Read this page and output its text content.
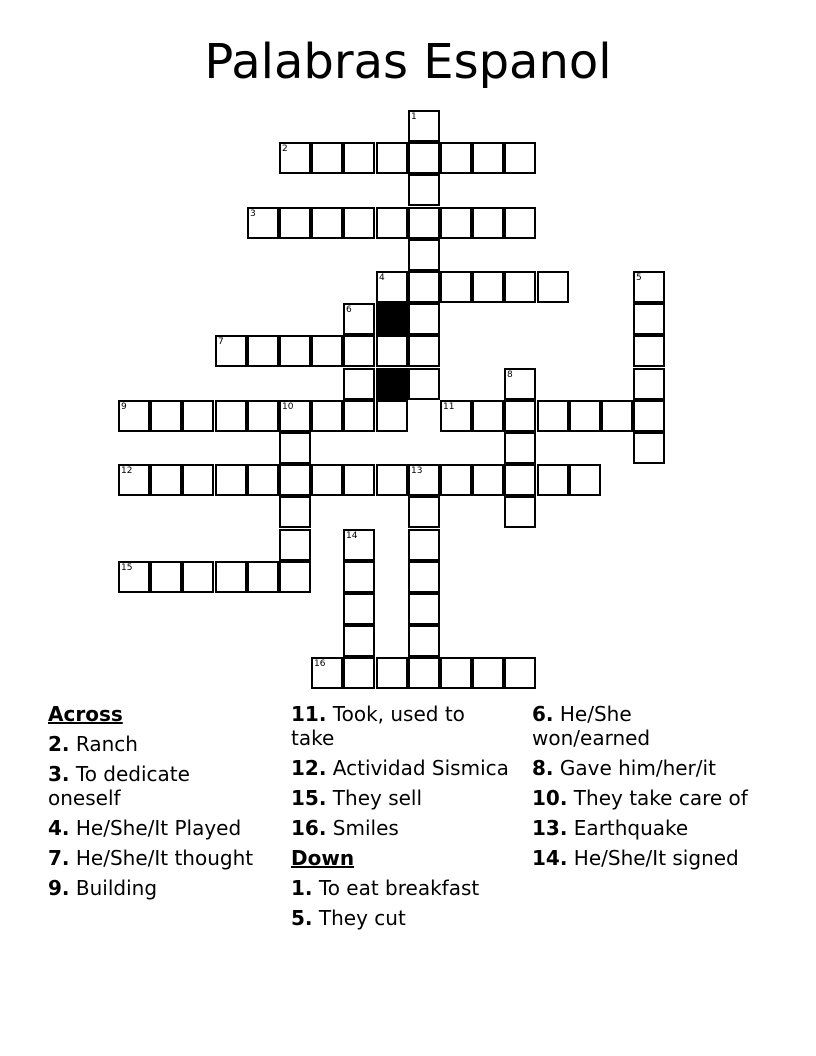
Palabras Espanol
1
2
3
4	5
6
7
8
9	10	11
12	13
14
15
16
Across
2. Ranch
3. To dedicate oneself
4. He/She/It Played
7. He/She/It thought
9. Building
11. Took, used to take
12. Actividad Sismica
15. They sell
16. Smiles
Down
1. To eat breakfast
5. They cut
6. He/She won/earned
8. Gave him/her/it
10. They take care of
13. Earthquake
14. He/She/It signed
